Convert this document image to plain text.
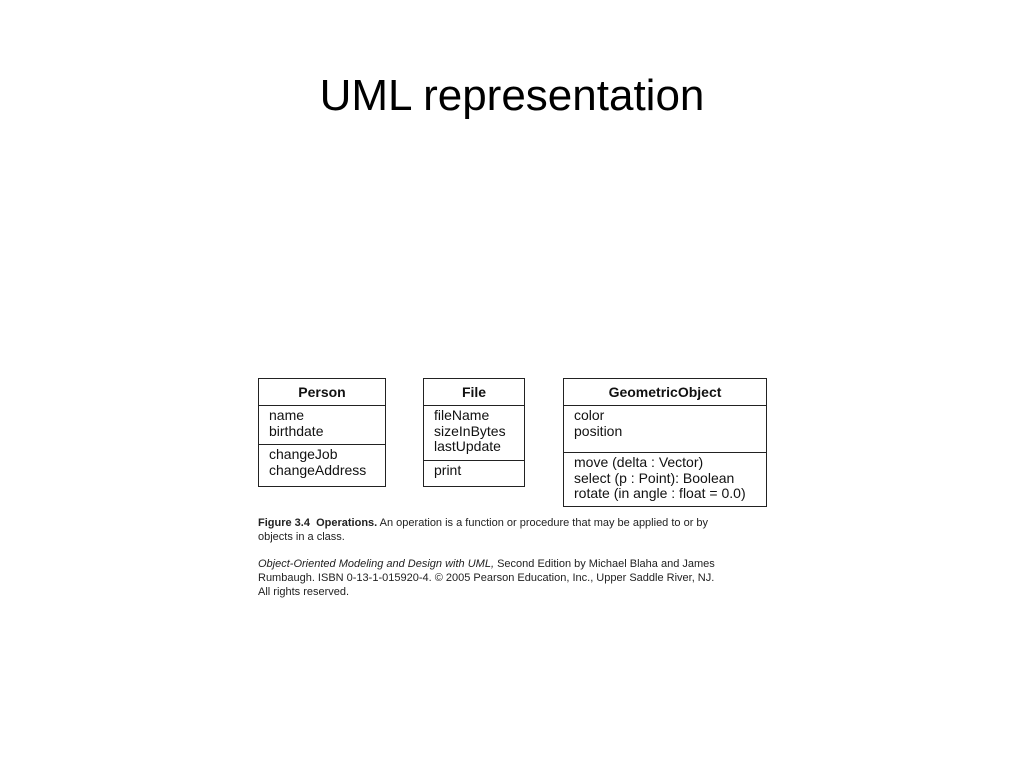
UML representation
Person
name
birthdate
changeJob
changeAddress
File
fileName
sizeInBytes
lastUpdate
print
GeometricObject
color
position
move (delta : Vector)
select (p : Point): Boolean
rotate (in angle : float = 0.0)
Figure 3.4 Operations. An operation is a function or procedure that may be applied to or by objects in a class.
Object-Oriented Modeling and Design with UML, Second Edition by Michael Blaha and James Rumbaugh. ISBN 0-13-1-015920-4. © 2005 Pearson Education, Inc., Upper Saddle River, NJ. All rights reserved.
